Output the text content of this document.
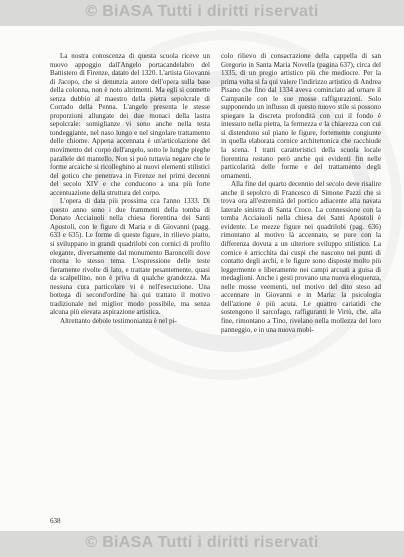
© BiASA Tutti i diritti riservati

La nostra conoscenza di questa scuola riceve un nuovo appoggio dall'Angelo portacandelabro del Battistero di Firenze, datato del 1320. L'artista Giovanni di Jacopo, che si denunzia autore dell'opera sulla base della colonna, non è noto altrimenti. Ma egli si connette senza dubbio al maestro della pietra sepolcrale di Corrado della Penna. L'angelo presenta le stesse proporzioni allungate dei due monaci della lastra sepolcrale: somiglianze vi sono anche nella testa tondeggiante, nel naso lungo e nel singolare trattamento delle chiome. Appena accennata è un'articolazione del movimento del corpo dell'angelo, sotto le lunghe pieghe parallele del mantello. Non si può tuttavia negare che le forme arcaiche si ricolleghino ai nuovi elementi stilistici del gotico che penetrava in Firenze nei primi decenni del secolo XIV e che conducono a una più forte accentuazione della struttura del corpo.

L'opera di data più prossima cca l'anno 1333. Di questo anno sono i due frammenti della tomba di Donato Acciaiuoli nella chiesa fiorentina dei Santi Apostoli, con le figure di Maria e di Giovanni (pagg. 633 e 635). Le forme di queste figure, in rilievo piatto, si sviluppano in grandi quadrilobi con cornici di profilo elegante, diversamente dal monumento Baroncelli dove ritorna lo stesso tema. L'espressione delle teste fieramente rivolte di lato, e trattate pesantemente, quasi da scalpellino, non è priva di qualche grandezza. Ma nessuna cura particolare vi è nell'esecuzione. Una bottega di second'ordine ha qui trattato il motivo tradizionale nel miglior modo possibile, ma senza alcuna più elevata aspirazione artistica.

Altrettanto debole testimonianza è nel pi-

colo rilievo di consacrazione della cappella di san Gregorio in Santa Maria Novella (pagina 637), circa del 1335, di un pregio artistico più che mediocre. Per la prima volta si fa qui valere l'indirizzo artistico di Andrea Pisano che fino dal 1334 aveva cominciato ad ornare il Campanile con le sue mosse raffigurazioni. Solo supponendo un influsso di questo nuovo stile si possono spiegare la discreta profondità con cui il fondo è intessuto nella pietra, la fermezza e la chiarezza con cui si distendono sul piano le figure, fortemente congiunte in quella elaborata cornice architettonica che racchiude la scena. I tratti caratteristici della scuola locale fiorentina restano però anche qui evidenti fin nelle particolarità delle forme e del trattamento degli ornamenti.

Alla fine del quarto decennio del secolo deve risalire anche il sepolcro di Francesco di Simone Pazzi che si trova ora all'estremità del portico adiacente alla navata laterale sinistra di Santa Croce. La connessione con la tomba Acciaiuoli nella chiesa dei Santi Apostoli è evidente. Le mezze figure nei quadrilobi (pag. 636) rimontano al motivo là accennato, se pure con la differenza dovuta a un ulteriore sviluppo stilistico. La cornice è arricchita dai cuspi che nascono nei punti di contatto degli archi, e le figure sono disposte molto più leggermente e liberamente nei campi arcuati a guisa di medaglioni. Anche i gesti provano una nuova eloquenza, nelle mosse veementi, nel motivo del dito steso ad accennare in Giovanni e in Maria: la psicologia dell'azione è più acuta. Le quattro cariatidi che sostengono il sarcofago, raffiguranti le Virtù, che, alla fine, rimontano a Tino, rivelano nella mollezza del loro panneggio, e in una nuova mobi-

638
© BiASA Tutti i diritti riservati
